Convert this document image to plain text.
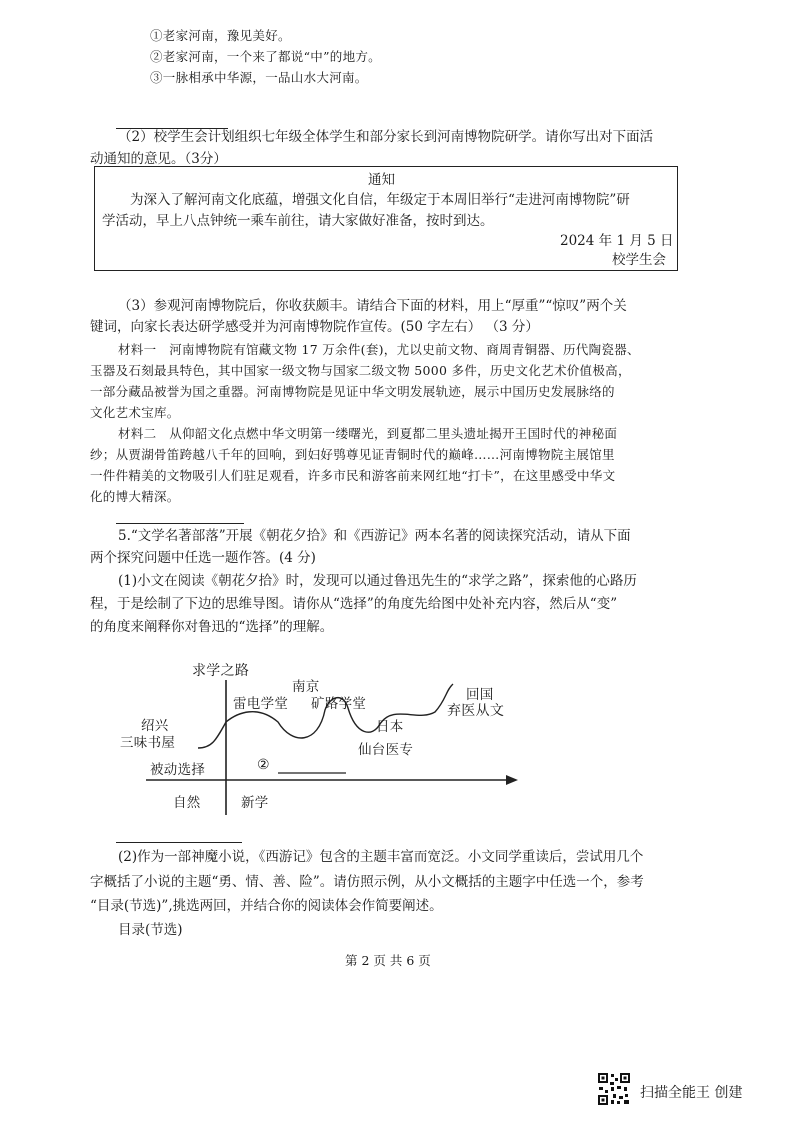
①老家河南，豫见美好。
②老家河南，一个来了都说“中”的地方。
③一脉相承中华源，一品山水大河南。
（2）校学生会计划组织七年级全体学生和部分家长到河南博物院研学。请你写出对下面活
动通知的意见。（3分）
通知
为深入了解河南文化底蕴，增强文化自信，年级定于本周旧举行“走进河南博物院”研
学活动，早上八点钟统一乘车前往，请大家做好准备，按时到达。
2024 年 1 月 5 日
校学生会
（3）参观河南博物院后，你收获颇丰。请结合下面的材料，用上“厚重”“惊叹”两个关
键词，向家长表达研学感受并为河南博物院作宣传。(50 字左右） （3 分）
材料一　河南博物院有馆藏文物 17 万余件(套)，尤以史前文物、商周青铜器、历代陶瓷器、
玉器及石刻最具特色，其中国家一级文物与国家二级文物 5000 多件，历史文化艺术价值极高，
一部分藏品被誉为国之重器。河南博物院是见证中华文明发展轨迹，展示中国历史发展脉络的
文化艺术宝库。
材料二　从仰韶文化点燃中华文明第一缕曙光，到夏都二里头遗址揭开王国时代的神秘面
纱；从贾湖骨笛跨越八千年的回响，到妇好鸮尊见证青铜时代的巅峰……河南博物院主展馆里
一件件精美的文物吸引人们驻足观看，许多市民和游客前来网红地“打卡”，在这里感受中华文
化的博大精深。
5.“文学名著部落”开展《朝花夕拾》和《西游记》两本名著的阅读探究活动，请从下面
两个探究问题中任选一题作答。(4 分)
(1)小文在阅读《朝花夕拾》时，发现可以通过鲁迅先生的“求学之路”，探索他的心路历
程，于是绘制了下边的思维导图。请你从“选择”的角度先给图中处补充内容，然后从“变”
的角度来阐释你对鲁迅的“选择”的理解。
求学之路
南京
雷电学堂 矿路学堂
回国
弃医从文
日本
绍兴
三味书屋	仙台医专
被动选择	②
自然	新学
(2)作为一部神魔小说，《西游记》包含的主题丰富而宽泛。小文同学重读后，尝试用几个
字概括了小说的主题“勇、情、善、险”。请仿照示例，从小文概括的主题字中任选一个，参考
“目录(节选)”,挑选两回，并结合你的阅读体会作简要阐述。
目录(节选)
第 2 页 共 6 页
扫描全能王 创建
